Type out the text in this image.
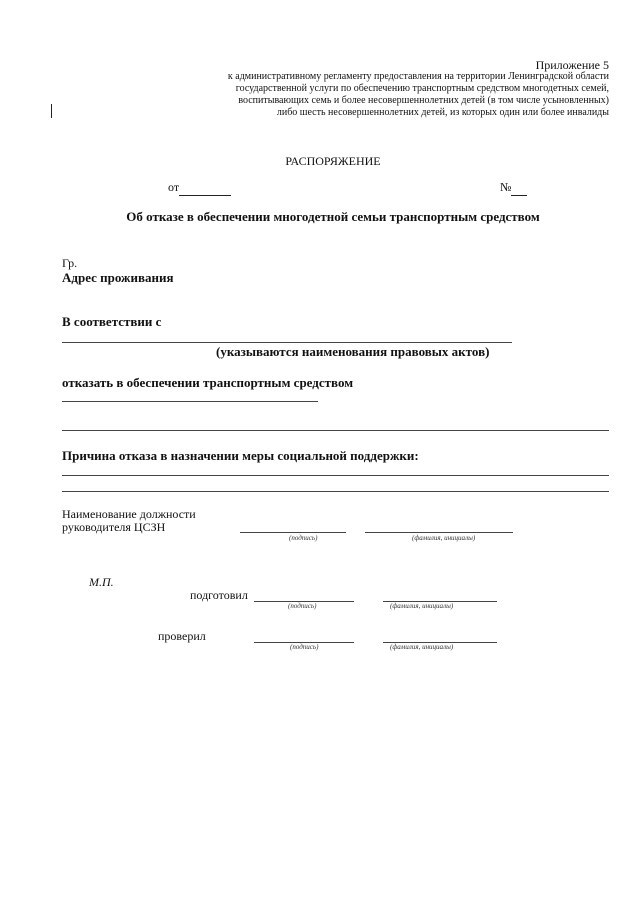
Приложение 5
к административному регламенту предоставления на территории Ленинградской области
государственной услуги по обеспечению транспортным средством многодетных семей,
воспитывающих семь и более несовершеннолетних детей (в том числе усыновленных)
либо шесть несовершеннолетних детей, из которых один или более инвалиды
РАСПОРЯЖЕНИЕ
от	№
Об отказе в обеспечении многодетной семьи транспортным средством
Гр.
Адрес проживания
В соответствии с
(указываются наименования правовых актов)
отказать в обеспечении транспортным средством
Причина отказа в назначении меры социальной поддержки:
Наименование должности
руководителя ЦСЗН
(подпись)	(фамилия, инициалы)
М.П.
подготовил
(подпись)	(фамилия, инициалы)
проверил
(подпись)	(фамилия, инициалы)
